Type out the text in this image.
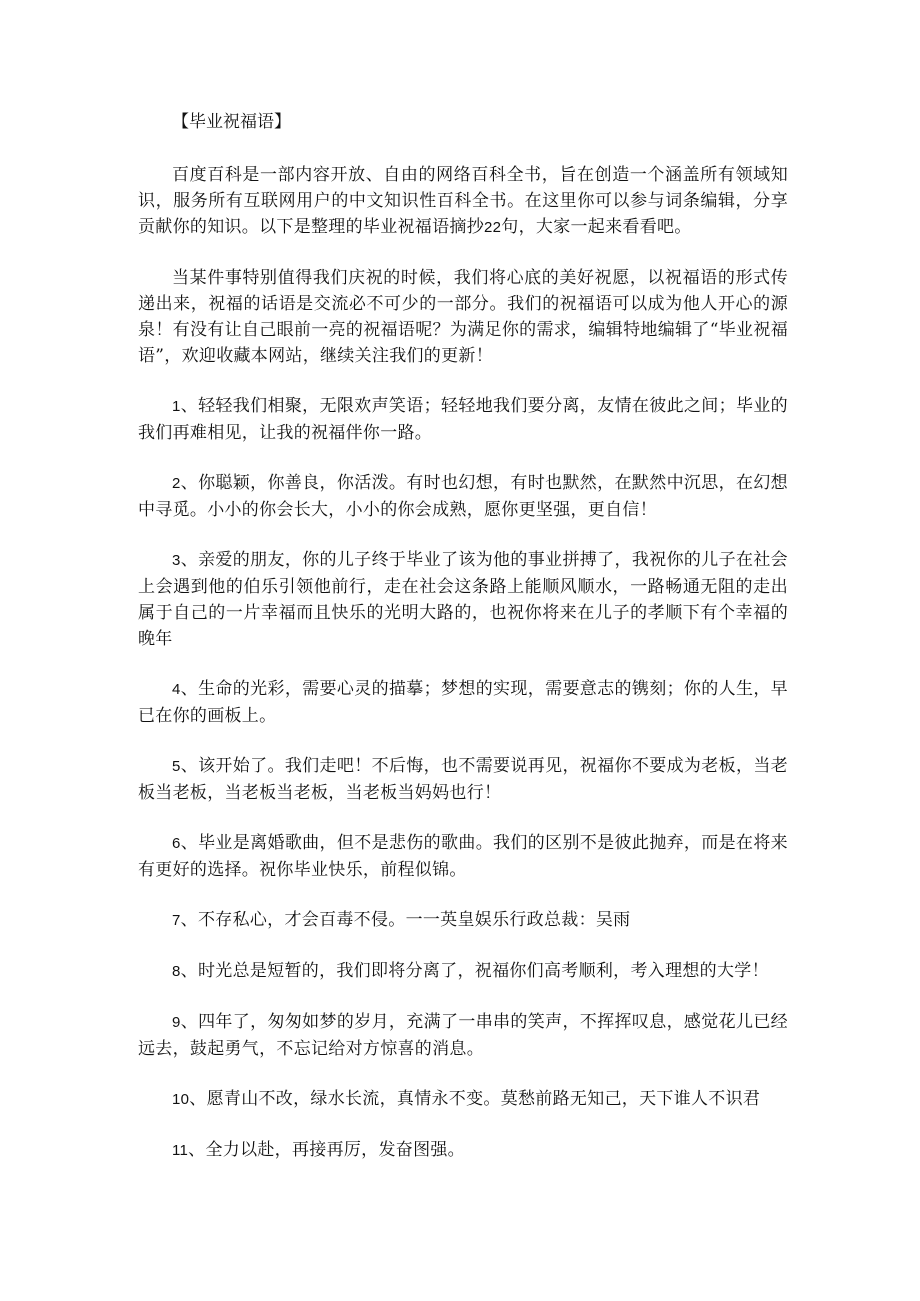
【毕业祝福语】

百度百科是一部内容开放、自由的网络百科全书，旨在创造一个涵盖所有领域知识，服务所有互联网用户的中文知识性百科全书。在这里你可以参与词条编辑，分享贡献你的知识。以下是整理的毕业祝福语摘抄22句，大家一起来看看吧。

当某件事特别值得我们庆祝的时候，我们将心底的美好祝愿，以祝福语的形式传递出来，祝福的话语是交流必不可少的一部分。我们的祝福语可以成为他人开心的源泉！有没有让自己眼前一亮的祝福语呢？为满足你的需求，编辑特地编辑了“毕业祝福语”，欢迎收藏本网站，继续关注我们的更新！

1、轻轻我们相聚，无限欢声笑语；轻轻地我们要分离，友情在彼此之间；毕业的我们再难相见，让我的祝福伴你一路。

2、你聪颖，你善良，你活泼。有时也幻想，有时也默然，在默然中沉思，在幻想中寻觅。小小的你会长大，小小的你会成熟，愿你更坚强，更自信！

3、亲爱的朋友，你的儿子终于毕业了该为他的事业拼搏了，我祝你的儿子在社会上会遇到他的伯乐引领他前行，走在社会这条路上能顺风顺水，一路畅通无阻的走出属于自己的一片幸福而且快乐的光明大路的，也祝你将来在儿子的孝顺下有个幸福的晚年

4、生命的光彩，需要心灵的描摹；梦想的实现，需要意志的镌刻；你的人生，早已在你的画板上。

5、该开始了。我们走吧！不后悔，也不需要说再见，祝福你不要成为老板，当老板当老板，当老板当老板，当老板当妈妈也行！

6、毕业是离婚歌曲，但不是悲伤的歌曲。我们的区别不是彼此抛弃，而是在将来有更好的选择。祝你毕业快乐，前程似锦。

7、不存私心，才会百毒不侵。一一英皇娱乐行政总裁：吴雨

8、时光总是短暂的，我们即将分离了，祝福你们高考顺利，考入理想的大学！

9、四年了，匆匆如梦的岁月，充满了一串串的笑声，不挥挥叹息，感觉花儿已经远去，鼓起勇气，不忘记给对方惊喜的消息。

10、愿青山不改，绿水长流，真情永不变。莫愁前路无知己，天下谁人不识君

11、全力以赴，再接再厉，发奋图强。
